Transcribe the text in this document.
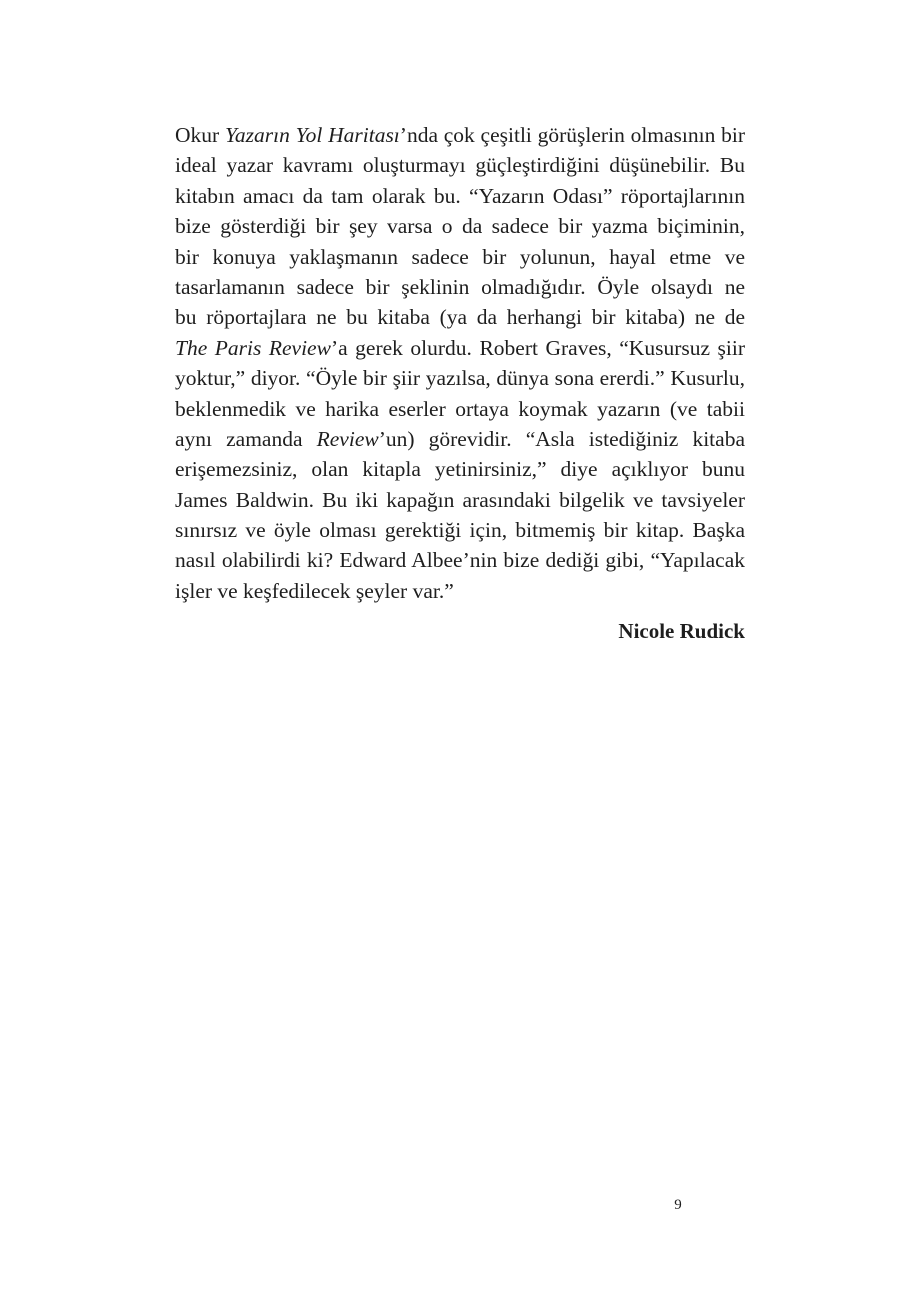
Okur Yazarın Yol Haritası’nda çok çeşitli görüşlerin olmasının bir
ideal yazar kavramı oluşturmayı güçleştirdiğini düşünebilir. Bu
kitabın amacı da tam olarak bu. “Yazarın Odası” röportajlarının
bize gösterdiği bir şey varsa o da sadece bir yazma biçiminin,
bir konuya yaklaşmanın sadece bir yolunun, hayal etme ve
tasarlamanın sadece bir şeklinin olmadığıdır. Öyle olsaydı ne
bu röportajlara ne bu kitaba (ya da herhangi bir kitaba) ne de
The Paris Review’a gerek olurdu. Robert Graves, “Kusursuz şiir
yoktur,” diyor. “Öyle bir şiir yazılsa, dünya sona ererdi.” Kusurlu,
beklenmedik ve harika eserler ortaya koymak yazarın (ve tabii
aynı zamanda Review’un) görevidir. “Asla istediğiniz kitaba
erişemezsiniz, olan kitapla yetinirsiniz,” diye açıklıyor bunu
James Baldwin. Bu iki kapağın arasındaki bilgelik ve tavsiyeler
sınırsız ve öyle olması gerektiği için, bitmemiş bir kitap. Başka
nasıl olabilirdi ki? Edward Albee’nin bize dediği gibi, “Yapılacak
işler ve keşfedilecek şeyler var.”
Nicole Rudick
9
